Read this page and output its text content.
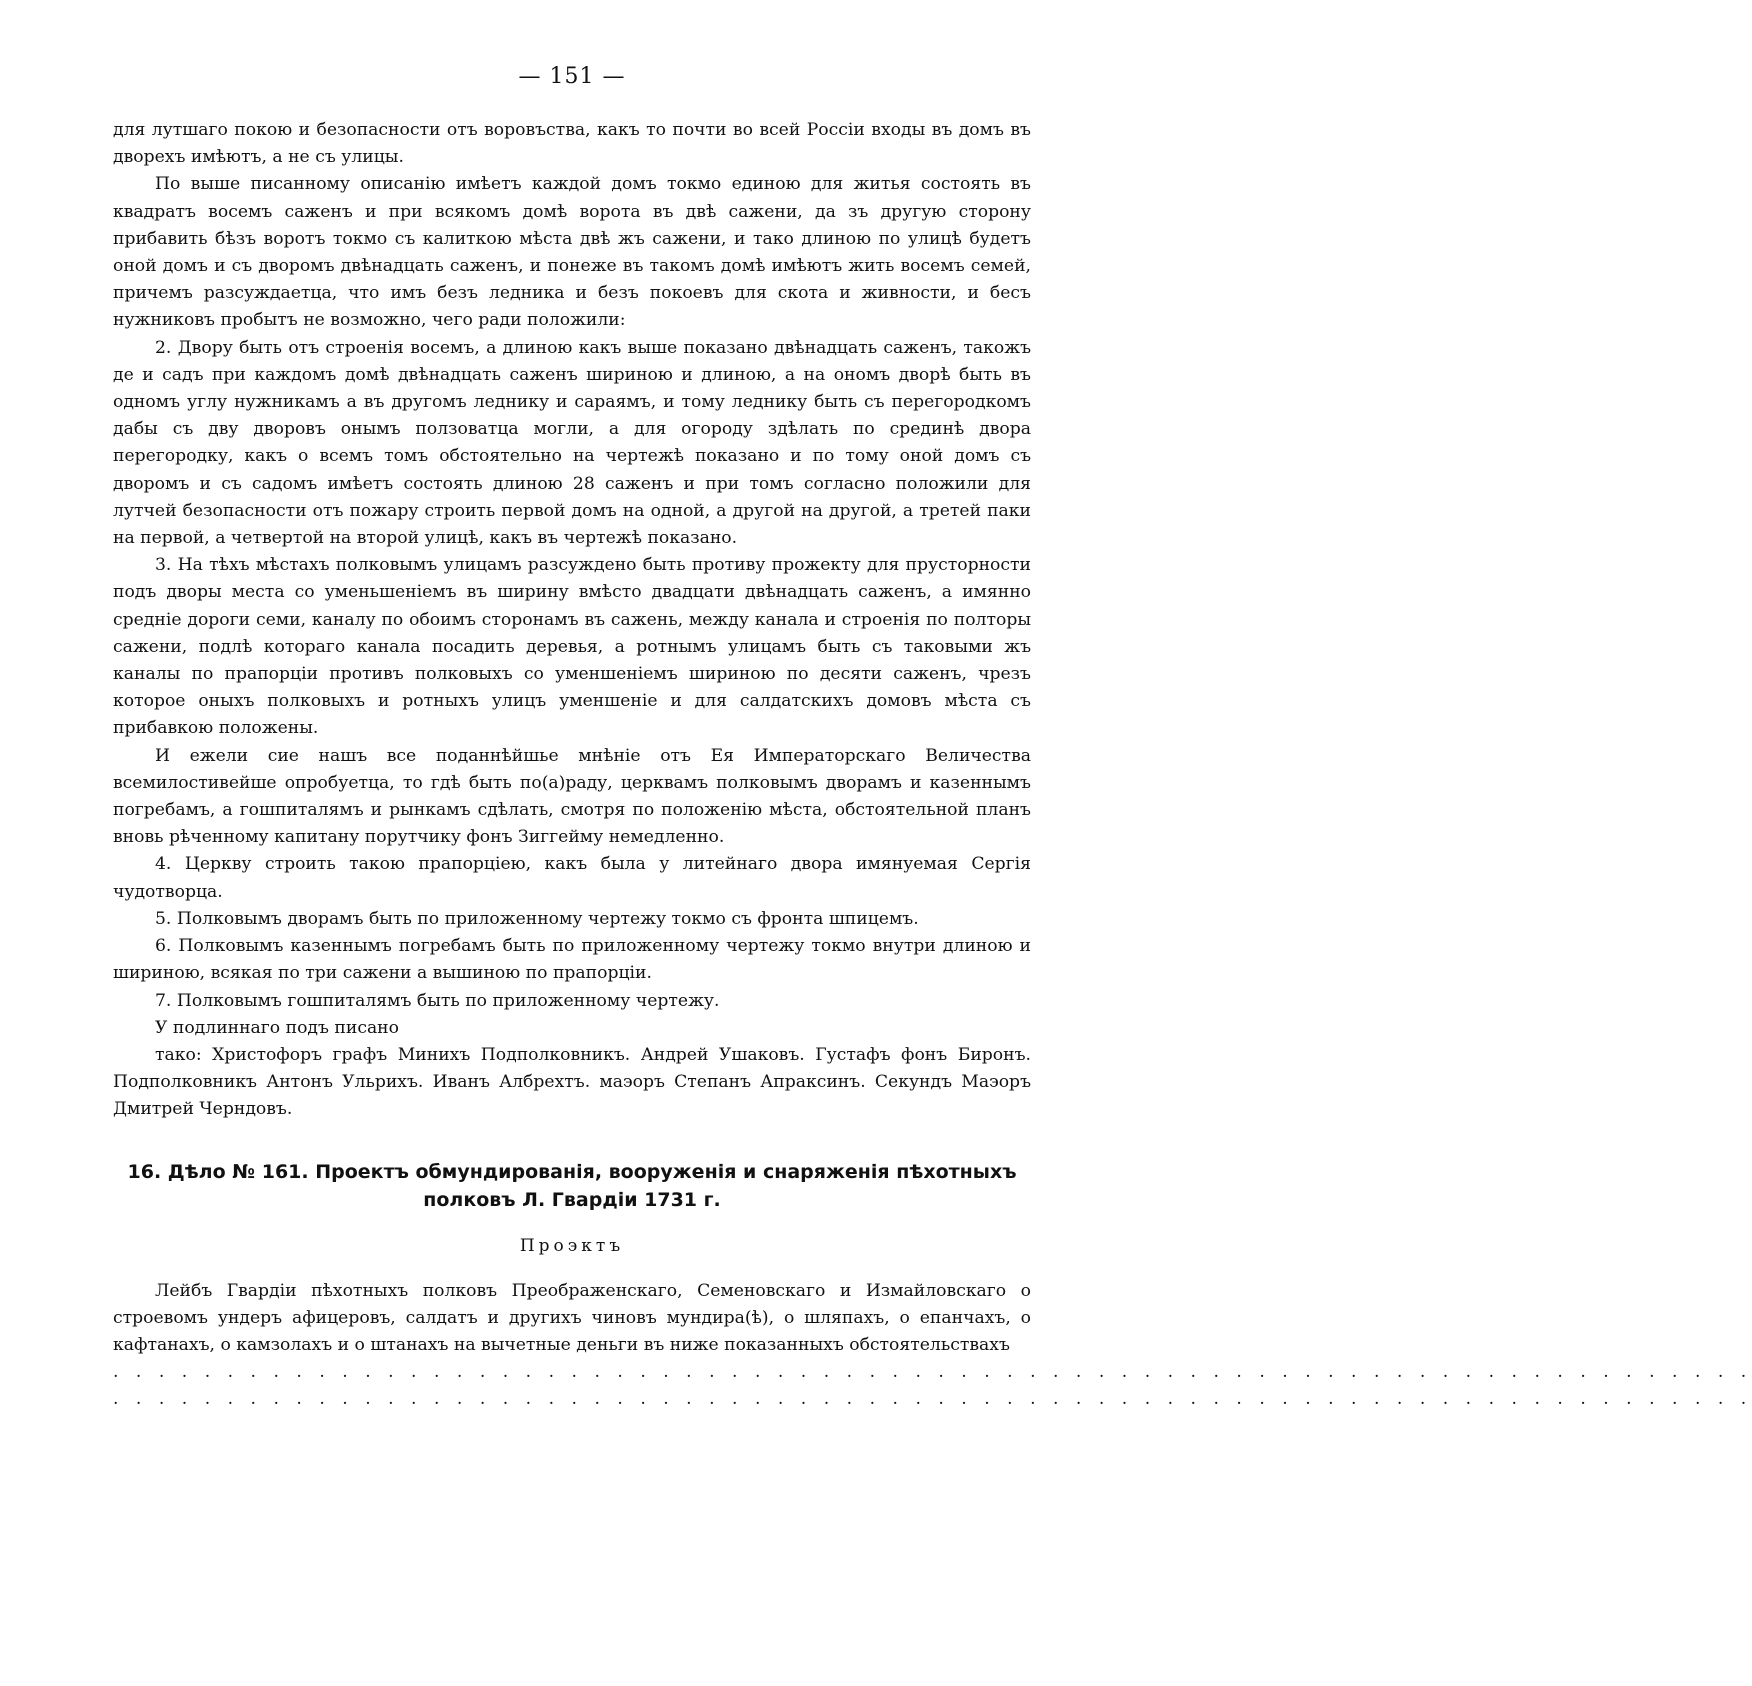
— 151 —

для лутшаго покою и безопасности отъ воровъства, какъ то почти во всей Россіи входы въ домъ въ дворехъ имѣютъ, а не съ улицы.

По выше писанному описанію имѣетъ каждой домъ токмо единою для житья состоять въ квадратъ восемъ саженъ и при всякомъ домѣ ворота въ двѣ сажени, да зъ другую сторону прибавить бѣзъ воротъ токмо съ калиткою мѣста двѣ жъ сажени, и тако длиною по улицѣ будетъ оной домъ и съ дворомъ двѣнадцать саженъ, и понеже въ такомъ домѣ имѣютъ жить восемъ семей, причемъ разсуждаетца, что имъ безъ ледника и безъ покоевъ для скота и живности, и бесъ нужниковъ пробытъ не возможно, чего ради положили:

2. Двору быть отъ строенія восемъ, а длиною какъ выше показано двѣнадцать саженъ, такожъ де и садъ при каждомъ домѣ двѣнадцать саженъ шириною и длиною, а на ономъ дворѣ быть въ одномъ углу нужникамъ а въ другомъ леднику и сараямъ, и тому леднику быть съ перегородкомъ дабы съ дву дворовъ онымъ ползоватца могли, а для огороду здѣлать по срединѣ двора перегородку, какъ о всемъ томъ обстоятельно на чертежѣ показано и по тому оной домъ съ дворомъ и съ садомъ имѣетъ состоять длиною 28 саженъ и при томъ согласно положили для лутчей безопасности отъ пожару строить первой домъ на одной, а другой на другой, а третей паки на первой, а четвертой на второй улицѣ, какъ въ чертежѣ показано.

3. На тѣхъ мѣстахъ полковымъ улицамъ разсуждено быть противу прожекту для прусторности подъ дворы места со уменьшеніемъ въ ширину вмѣсто двадцати двѣнадцать саженъ, а имянно средніе дороги семи, каналу по обоимъ сторонамъ въ сажень, между канала и строенія по полторы сажени, подлѣ котораго канала посадить деревья, а ротнымъ улицамъ быть съ таковыми жъ каналы по прапорціи противъ полковыхъ со уменшеніемъ шириною по десяти саженъ, чрезъ которое оныхъ полковыхъ и ротныхъ улицъ уменшеніе и для салдатскихъ домовъ мѣста съ прибавкою положены.

И ежели сие нашъ все поданнѣйшье мнѣніе отъ Ея Императорскаго Величества всемилостивейше опробуетца, то гдѣ быть по(а)раду, церквамъ полковымъ дворамъ и казеннымъ погребамъ, а гошпиталямъ и рынкамъ сдѣлать, смотря по положенію мѣста, обстоятельной планъ вновь рѣченному капитану порутчику фонъ Зиггейму немедленно.

4. Церкву строить такою прапорціею, какъ была у литейнаго двора имянуемая Сергія чудотворца.

5. Полковымъ дворамъ быть по приложенному чертежу токмо съ фронта шпицемъ.

6. Полковымъ казеннымъ погребамъ быть по приложенному чертежу токмо внутри длиною и шириною, всякая по три сажени а вышиною по прапорціи.

7. Полковымъ гошпиталямъ быть по приложенному чертежу.

У подлиннаго подъ писано

тако: Христофоръ графъ Минихъ Подполковникъ. Андрей Ушаковъ. Густафъ фонъ Биронъ. Подполковникъ Антонъ Ульрихъ. Иванъ Албрехтъ. маэоръ Степанъ Апраксинъ. Секундъ Маэоръ Дмитрей Черндовъ.

16. Дѣло № 161. Проектъ обмундированія, вооруженія и снаряженія пѣхотныхъ
полковъ Л. Гвардіи 1731 г.
Проэктъ

Лейбъ Гвардіи пѣхотныхъ полковъ Преображенскаго, Семеновскаго и Измайловскаго о строевомъ ундеръ афицеровъ, салдатъ и другихъ чиновъ мундира(ѣ), о шляпахъ, о епанчахъ, о кафтанахъ, о камзолахъ и о штанахъ на вычетные деньги въ ниже показанныхъ обстоятельствахъ

. . . . . . . . . . . . . . . . . . . . . . . . . . . . . . . . . . . . . . . . . . . . . . . . . . . . . . . . . . . . . . . . . . . . . . . .
. . . . . . . . . . . . . . . . . . . . . . . . . . . . . . . . . . . . . . . . . . . . . . . . . . . . . . . . . . . . . . . . . . . . . . . .
